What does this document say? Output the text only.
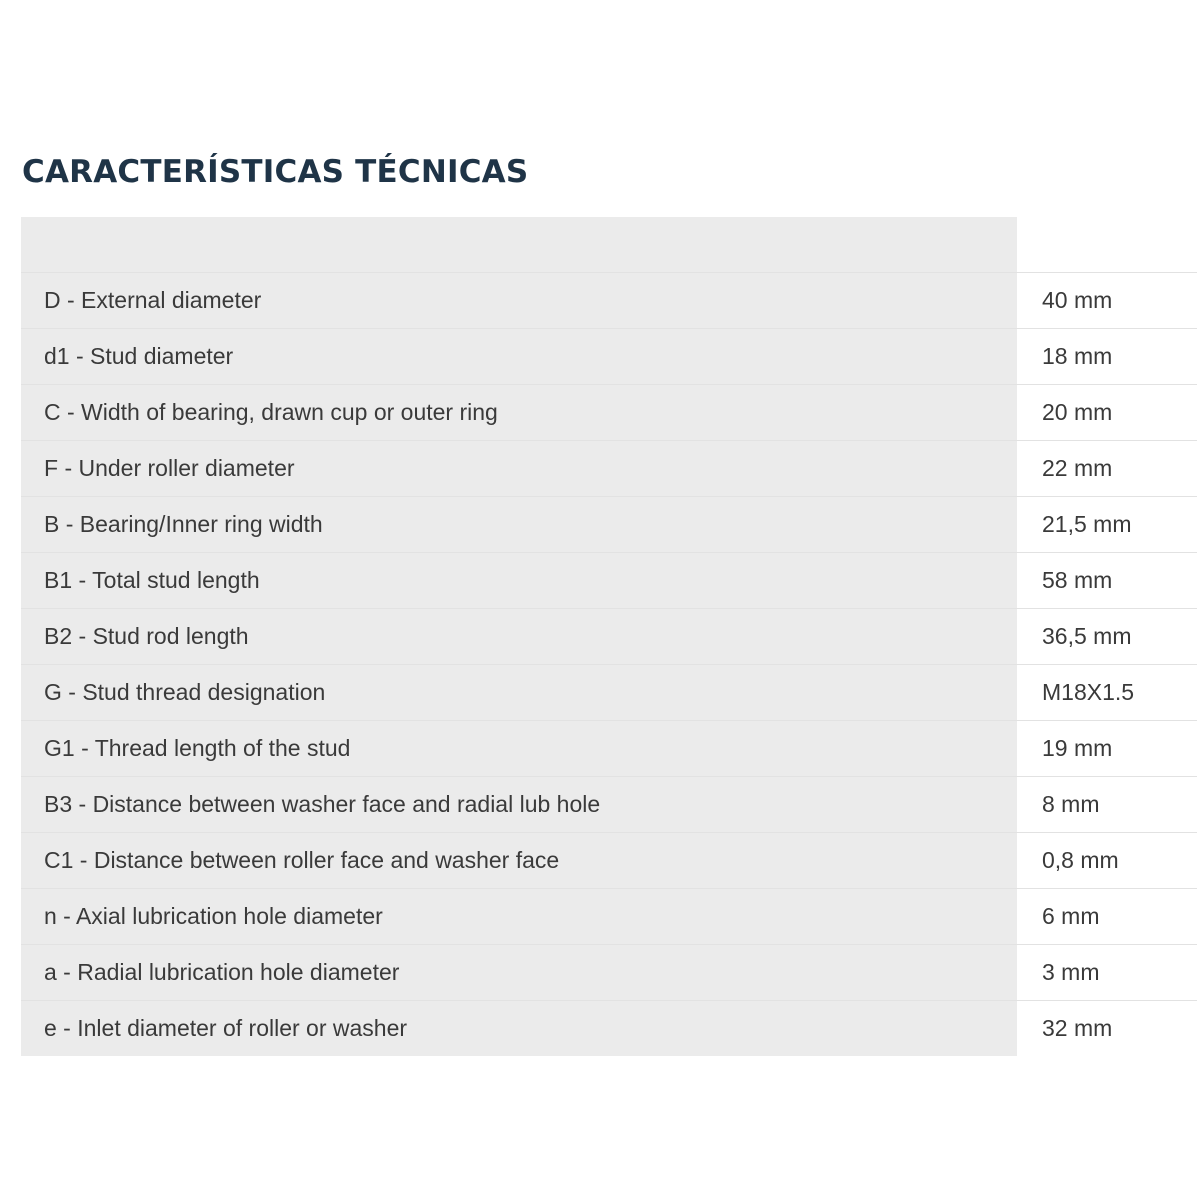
CARACTERÍSTICAS TÉCNICAS

D - External diameter	40 mm
d1 - Stud diameter	18 mm
C - Width of bearing, drawn cup or outer ring	20 mm
F - Under roller diameter	22 mm
B - Bearing/Inner ring width	21,5 mm
B1 - Total stud length	58 mm
B2 - Stud rod length	36,5 mm
G - Stud thread designation	M18X1.5
G1 - Thread length of the stud	19 mm
B3 - Distance between washer face and radial lub hole	8 mm
C1 - Distance between roller face and washer face	0,8 mm
n - Axial lubrication hole diameter	6 mm
a - Radial lubrication hole diameter	3 mm
e - Inlet diameter of roller or washer	32 mm
